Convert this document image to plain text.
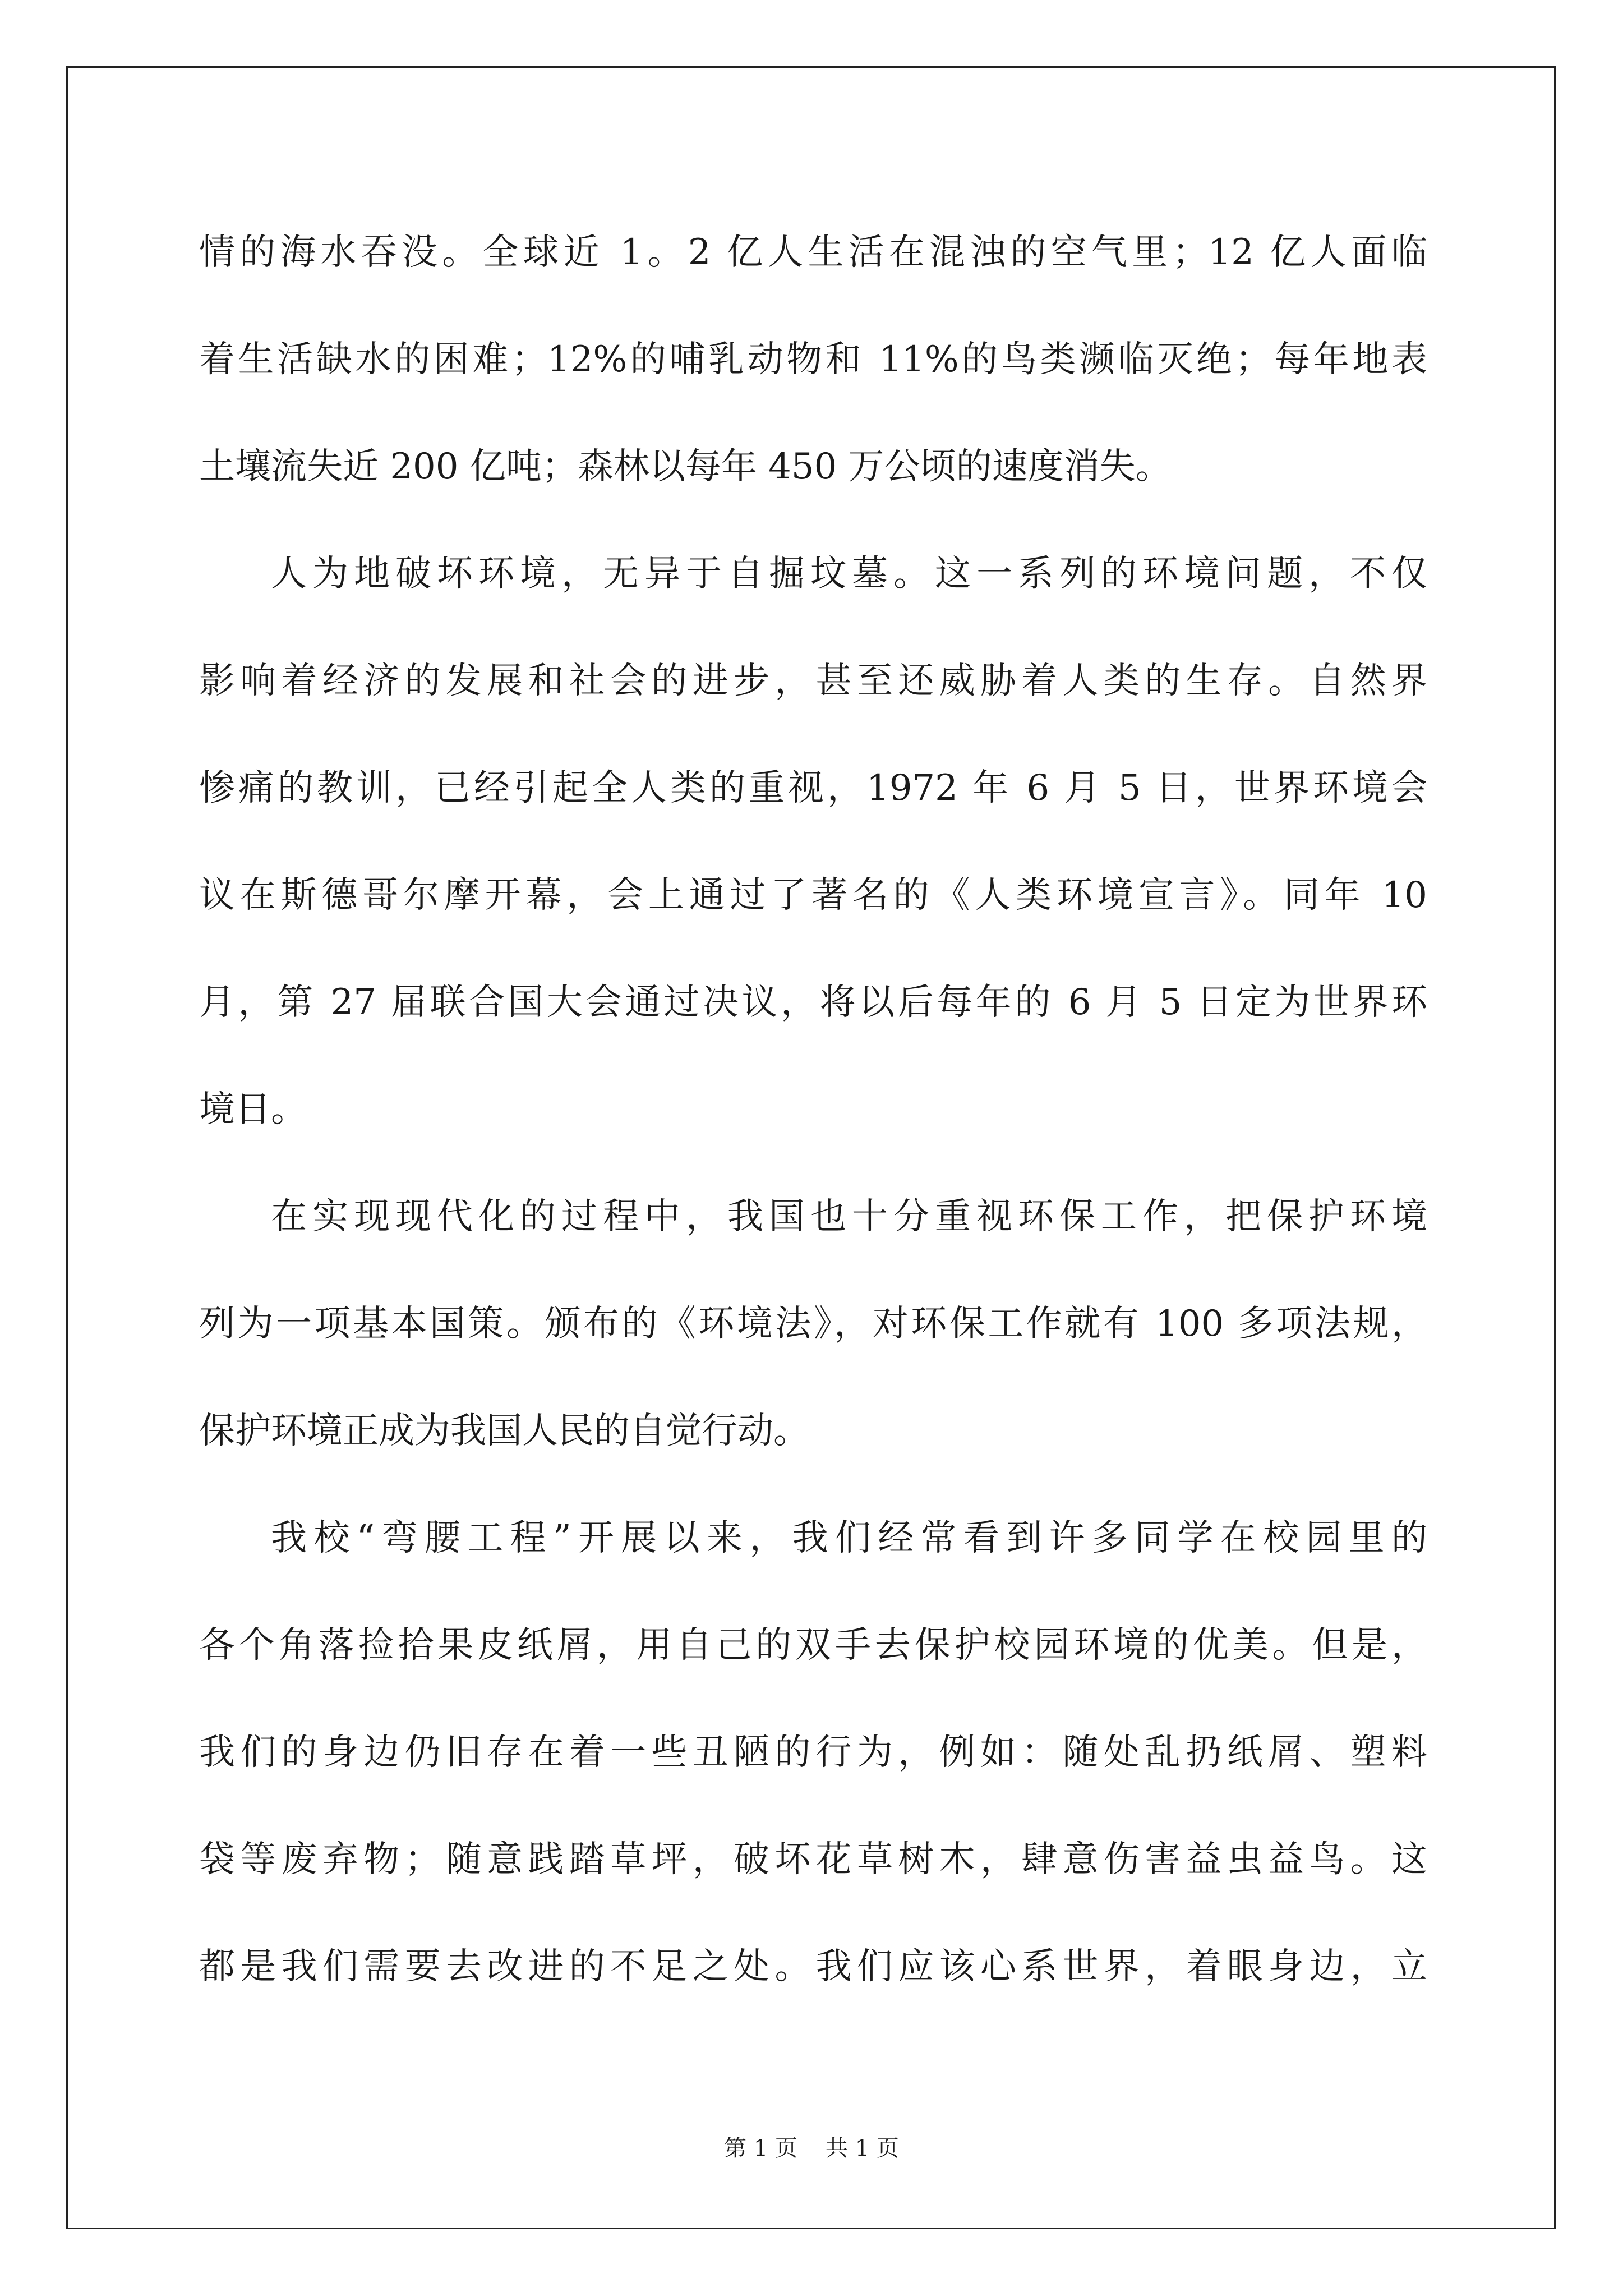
情的海水吞没。全球近 1。2 亿人生活在混浊的空气里；12 亿人面临
着生活缺水的困难；12%的哺乳动物和 11%的鸟类濒临灭绝；每年地表
土壤流失近 200 亿吨；森林以每年 450 万公顷的速度消失。
人为地破坏环境，无异于自掘坟墓。这一系列的环境问题，不仅
影响着经济的发展和社会的进步，甚至还威胁着人类的生存。自然界
惨痛的教训，已经引起全人类的重视，1972 年 6 月 5 日，世界环境会
议在斯德哥尔摩开幕，会上通过了著名的《人类环境宣言》。同年 10
月，第 27 届联合国大会通过决议，将以后每年的 6 月 5 日定为世界环
境日。
在实现现代化的过程中，我国也十分重视环保工作，把保护环境
列为一项基本国策。颁布的《环境法》，对环保工作就有 100 多项法规，
保护环境正成为我国人民的自觉行动。
我校“弯腰工程”开展以来，我们经常看到许多同学在校园里的
各个角落捡拾果皮纸屑，用自己的双手去保护校园环境的优美。但是，
我们的身边仍旧存在着一些丑陋的行为，例如：随处乱扔纸屑、塑料
袋等废弃物；随意践踏草坪，破坏花草树木，肆意伤害益虫益鸟。这
都是我们需要去改进的不足之处。我们应该心系世界，着眼身边，立
第 1 页 共 1 页
